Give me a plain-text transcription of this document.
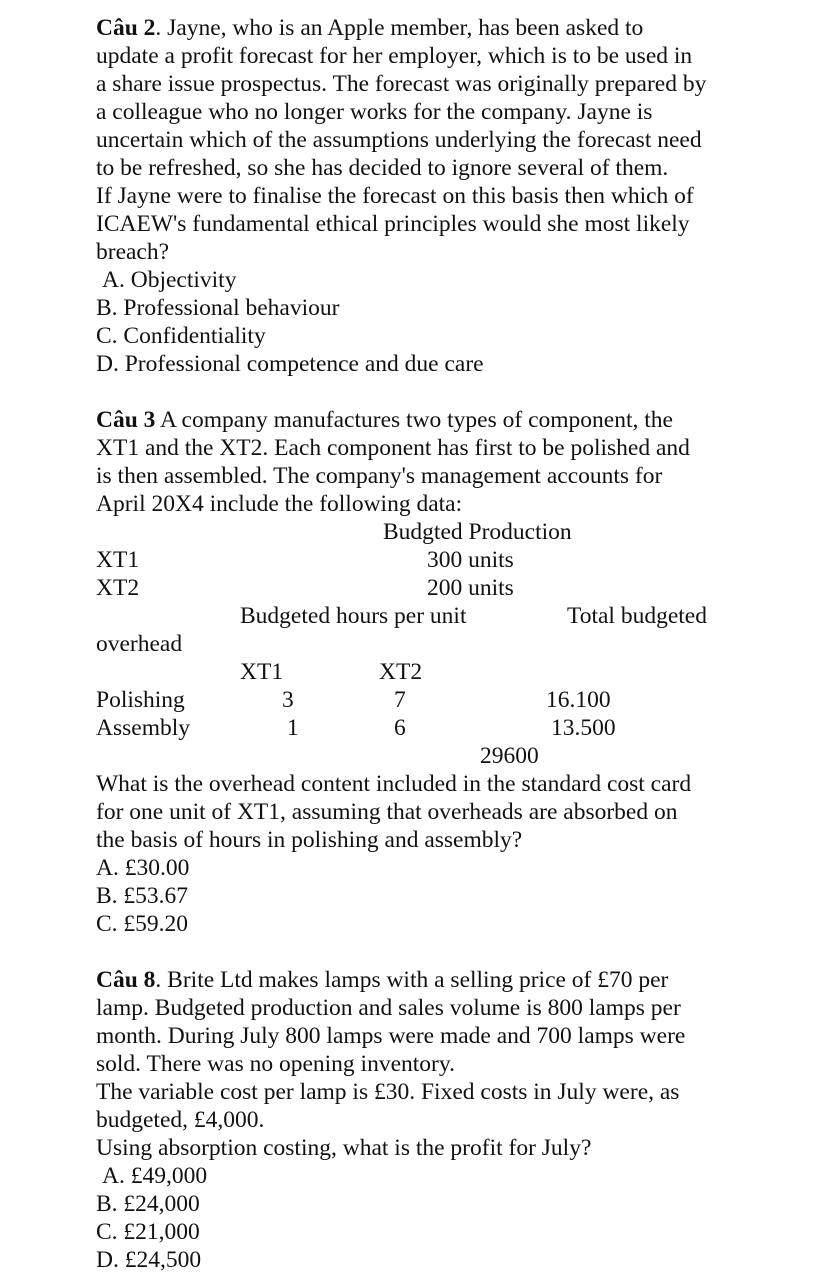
Câu 2. Jayne, who is an Apple member, has been asked to
update a profit forecast for her employer, which is to be used in
a share issue prospectus. The forecast was originally prepared by
a colleague who no longer works for the company. Jayne is
uncertain which of the assumptions underlying the forecast need
to be refreshed, so she has decided to ignore several of them.
If Jayne were to finalise the forecast on this basis then which of
ICAEW's fundamental ethical principles would she most likely
breach?
A. Objectivity
B. Professional behaviour
C. Confidentiality
D. Professional competence and due care
Câu 3 A company manufactures two types of component, the
XT1 and the XT2. Each component has first to be polished and
is then assembled. The company's management accounts for
April 20X4 include the following data:
Budgted Production
XT1	300 units
XT2	200 units
Budgeted hours per unit	Total budgeted
overhead
XT1	XT2
Polishing	3	7	16.100
Assembly	1	6	13.500
29600
What is the overhead content included in the standard cost card
for one unit of XT1, assuming that overheads are absorbed on
the basis of hours in polishing and assembly?
A. £30.00
B. £53.67
C. £59.20
Câu 8. Brite Ltd makes lamps with a selling price of £70 per
lamp. Budgeted production and sales volume is 800 lamps per
month. During July 800 lamps were made and 700 lamps were
sold. There was no opening inventory.
The variable cost per lamp is £30. Fixed costs in July were, as
budgeted, £4,000.
Using absorption costing, what is the profit for July?
A. £49,000
B. £24,000
C. £21,000
D. £24,500
